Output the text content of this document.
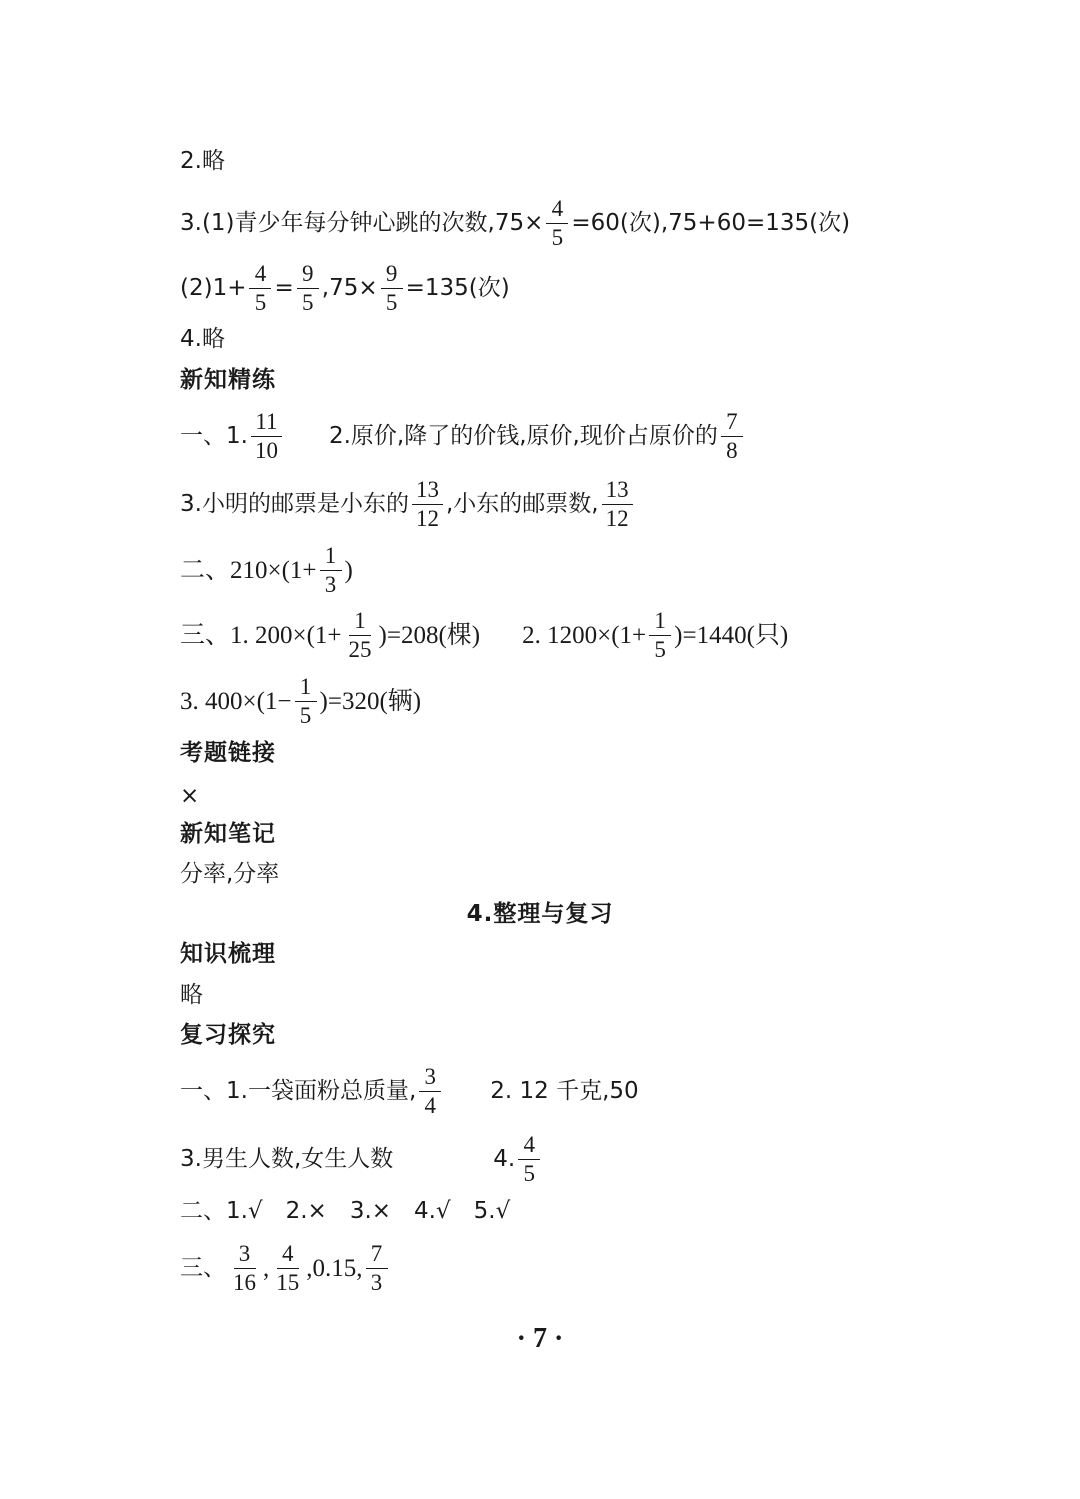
2.略
3.(1)青少年每分钟心跳的次数$,75\times \frac{4}{5} =60$(次),75+60=135(次)
$(2)1+ \frac{4}{5} = \frac{9}{5} ,75\times \frac{9}{5} =135$(次)
4.略
新知精练
一、1. $\frac{11}{10} 2$.原价,降了的价钱,原价,现价占原价的 $\frac{7}{8}$
3.小明的邮票是小东的 $\frac{13}{12}$ ,小东的邮票数, $\frac{13}{12}$
二、$210\times(1+ \frac{1}{3}$ )
三、1. $200\times(1+ \frac{1}{25} )=208$(棵) 2. $1200\times(1+ \frac{1}{5} )=1440$(只)
3. $400\times(1- \frac{1}{5} )=320$(辆)
考题链接
×
新知笔记
分率,分率
4.整理与复习
知识梳理
略
复习探究
一、1.一袋面粉总质量, $\frac{3}{4} 2$. 12 千克,50
3.男生人数,女生人数	4. $\frac{4}{5}$
二、1.√　2.×　3.×　4.√　5.√
三、 $\frac{3}{16}$ , $\frac{4}{15} ,0.15$, $\frac{7}{3}$
· 7 ·
